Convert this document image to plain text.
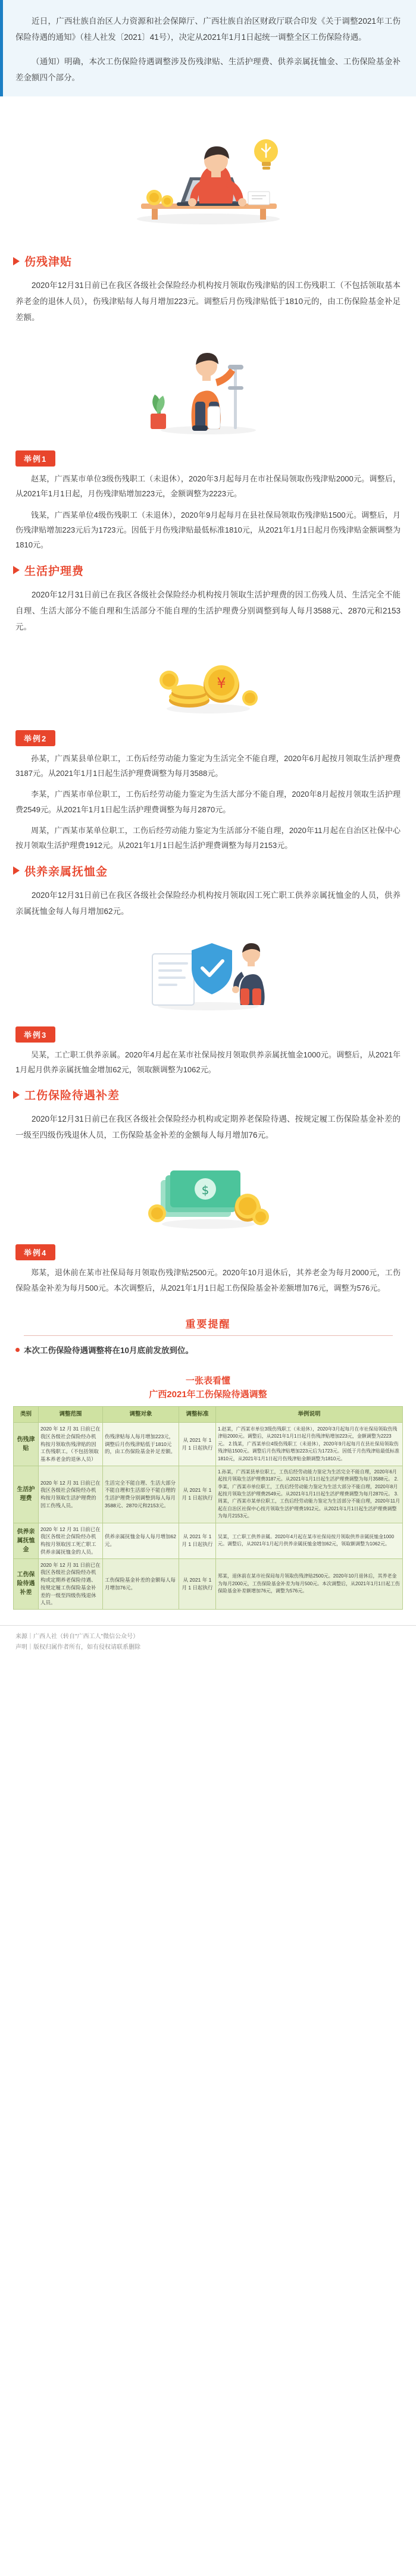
近日，广西壮族自治区人力资源和社会保障厅、广西壮族自治区财政厅联合印发《关于调整2021年工伤保险待遇的通知》（桂人社发〔2021〕41号），决定从2021年1月1日起统一调整全区工伤保险待遇。

（通知）明确，本次工伤保险待遇调整涉及伤残津贴、生活护理费、供养亲属抚恤金、工伤保险基金补差金额四个部分。

伤残津贴

2020年12月31日前已在我区各级社会保险经办机构按月领取伤残津贴的因工伤残职工（不包括领取基本养老金的退休人员），伤残津贴每人每月增加223元。调整后月伤残津贴低于1810元的，由工伤保险基金补足差额。

举例1

赵某，广西某市单位3级伤残职工（未退休），2020年3月起每月在市社保局领取伤残津贴2000元。调整后，从2021年1月1日起，月伤残津贴增加223元，金额调整为2223元。

钱某，广西某单位4级伤残职工（未退休），2020年9月起每月在县社保局领取伤残津贴1500元。调整后，月伤残津贴增加223元后为1723元。因低于月伤残津贴最低标准1810元，从2021年1月1日起月伤残津贴金额调整为1810元。

生活护理费

2020年12月31日前已在我区各级社会保险经办机构按月领取生活护理费的因工伤残人员、生活完全不能自理、生活大部分不能自理和生活部分不能自理的生活护理费分别调整到每人每月3588元、2870元和2153元。

¥
举例2

孙某，广西某县单位职工，工伤后经劳动能力鉴定为生活完全不能自理，2020年6月起按月领取生活护理费3187元。从2021年1月1日起生活护理费调整为每月3588元。

李某，广西某市单位职工，工伤后经劳动能力鉴定为生活大部分不能自理，2020年8月起按月领取生活护理费2549元。从2021年1月1日起生活护理费调整为每月2870元。

周某，广西某市某单位职工，工伤后经劳动能力鉴定为生活部分不能自理，2020年11月起在自治区社保中心按月领取生活护理费1912元。从2021年1月1日起生活护理费调整为每月2153元。

供养亲属抚恤金

2020年12月31日前已在我区各级社会保险经办机构按月领取因工死亡职工供养亲属抚恤金的人员，供养亲属抚恤金每人每月增加62元。

举例3

吴某，工亡职工供养亲属。2020年4月起在某市社保局按月领取供养亲属抚恤金1000元。调整后，从2021年1月起月供养亲属抚恤金增加62元，领取额调整为1062元。

工伤保险待遇补差

2020年12月31日前已在我区各级社会保险经办机构或定期养老保险待遇、按规定履工伤保险基金补差的一级至四级伤残退休人员，工伤保险基金补差的金额每人每月增加76元。

$
举例4

郑某，退休前在某市社保局每月领取伤残津贴2500元。2020年10月退休后，其养老金为每月2000元，工伤保险基金补差为每月500元。本次调整后，从2021年1月1日起工伤保险基金补差额增加76元，调整为576元。

重要提醒
本次工伤保险待遇调整将在10月底前发放到位。
一张表看懂
广西2021年工伤保险待遇调整
类别	调整范围	调整对象	调整标准	举例说明
伤残津贴	2020 年 12 月 31 日前已在我区各级社会保险经办机构按月领取伤残津贴的因工伤残职工。（不包括领取基本养老金的退休人员）	伤残津贴每人每月增加223元，调整后月伤残津贴低于1810元的，由工伤保险基金补足差额。	从 2021 年 1 月 1 日起执行	1.赵某，广西某市单位3级伤残职工（未退休），2020年3月起每月在市社保局领取伤残津贴2000元。调整后，从2021年1月1日起月伤残津贴增加223元，金额调整为2223元。 2.钱某，广西某单位4级伤残职工（未退休），2020年9月起每月在县社保局领取伤残津贴1500元。调整后月伤残津贴增加223元后为1723元。因低于月伤残津贴最低标准1810元，从2021年1月1日起月伤残津贴金额调整为1810元。
生活护理费	2020 年 12 月 31 日前已在我区各级社会保险经办机构按月领取生活护理费的因工伤残人员。	生活完全不能自理、生活大部分不能自理和生活部分不能自理的生活护理费分别调整到每人每月3588元、2870元和2153元。	从 2021 年 1 月 1 日起执行	1.孙某，广西某县单位职工，工伤后经劳动能力鉴定为生活完全不能自理，2020年6月起按月领取生活护理费3187元。从2021年1月1日起生活护理费调整为每月3588元。 2.李某，广西某市单位职工，工伤后经劳动能力鉴定为生活大部分不能自理，2020年8月起按月领取生活护理费2549元。从2021年1月1日起生活护理费调整为每月2870元。 3.周某，广西某市某单位职工，工伤后经劳动能力鉴定为生活部分不能自理，2020年11月起在自治区社保中心按月领取生活护理费1912元。从2021年1月1日起生活护理费调整为每月2153元。
供养亲属抚恤金	2020 年 12 月 31 日前已在我区各级社会保险经办机构按月领取因工死亡职工供养亲属抚恤金的人员。	供养亲属抚恤金每人每月增加62元。	从 2021 年 1 月 1 日起执行	吴某，工亡职工供养亲属。2020年4月起在某市社保局按月领取供养亲属抚恤金1000元。调整后，从2021年1月起月供养亲属抚恤金增加62元，领取额调整为1062元。
工伤保险待遇补差	2020 年 12 月 31 日前已在我区各级社会保险经办机构或定期养老保险待遇、按规定履工伤保险基金补差的一级至四级伤残退休人员。	工伤保险基金补差的金额每人每月增加76元。	从 2021 年 1 月 1 日起执行	郑某，退休前在某市社保局每月领取伤残津贴2500元。2020年10月退休后，其养老金为每月2000元，工伤保险基金补差为每月500元。本次调整后，从2021年1月1日起工伤保险基金补差额增加76元，调整为576元。
来源｜广西人社（转自"广西工人"微信公众号）
声明｜版权归属作者所有，如有侵权请联系删除
